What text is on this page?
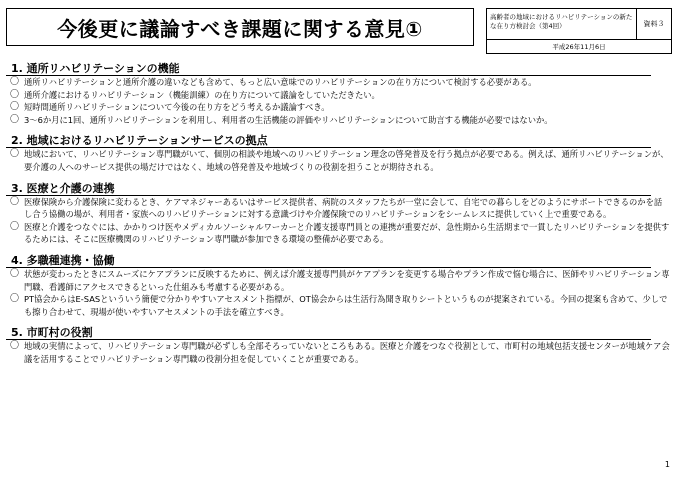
今後更に議論すべき課題に関する意見①	高齢者の地域におけるリハビリテーションの新たな在り方検討会（第4回）	資料３
平成26年11月6日
1. 通所リハビリテーションの機能
〇 通所リハビリテーションと通所介護の違いなども含めて、もっと広い意味でのリハビリテーションの在り方について検討する必要がある。
〇 通所介護におけるリハビリテーション（機能訓練）の在り方について議論をしていただきたい。
〇 短時間通所リハビリテーションについて今後の在り方をどう考えるか議論すべき。
〇 3～6か月に1回、通所リハビリテーションを利用し、利用者の生活機能の評価やリハビリテーションについて助言する機能が必要ではないか。
2. 地域におけるリハビリテーションサービスの拠点
〇 地域において、リハビリテーション専門職がいて、個別の相談や地域へのリハビリテーション理念の啓発普及を行う拠点が必要である。例えば、通所リハビリテーションが、要介護の人へのサービス提供の場だけではなく、地域の啓発普及や地域づくりの役割を担うことが期待される。
3. 医療と介護の連携
〇 医療保険から介護保険に変わるとき、ケアマネジャーあるいはサービス提供者、病院のスタッフたちが一堂に会して、自宅での暮らしをどのようにサポートできるのかを話し合う協働の場が、利用者・家族へのリハビリテーションに対する意識づけや介護保険でのリハビリテーションをシームレスに提供していく上で重要である。
〇 医療と介護をつなぐには、かかりつけ医やメディカルソーシャルワーカーと介護支援専門員との連携が重要だが、急性期から生活期まで一貫したリハビリテーションを提供するためには、そこに医療機関のリハビリテーション専門職が参加できる環境の整備が必要である。
4. 多職種連携・協働
〇 状態が変わったときにスムーズにケアプランに反映するために、例えば介護支援専門員がケアプランを変更する場合やプラン作成で悩む場合に、医師やリハビリテーション専門職、看護師にアクセスできるといった仕組みも考慮する必要がある。
〇 PT協会からはE-SASといういう簡便で分かりやすいアセスメント指標が、OT協会からは生活行為聞き取りシートというものが提案されている。今回の提案も含めて、少しでも擦り合わせて、現場が使いやすいアセスメントの手法を確立すべき。
5. 市町村の役割
〇 地域の実情によって、リハビリテーション専門職が必ずしも全部そろっていないところもある。医療と介護をつなぐ役割として、市町村の地域包括支援センターが地域ケア会議を活用することでリハビリテーション専門職の役割分担を促していくことが重要である。
1
